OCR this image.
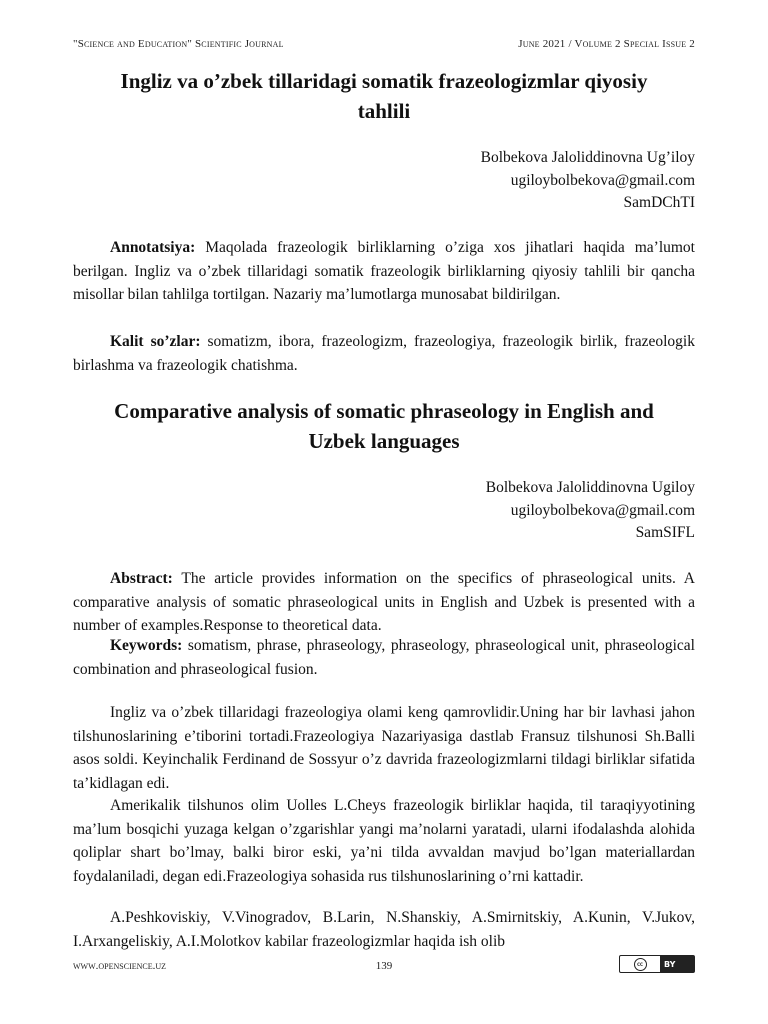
"Science and Education" Scientific Journal	June 2021 / Volume 2 Special Issue 2
Ingliz va o’zbek tillaridagi somatik frazeologizmlar qiyosiy
tahlili
Bolbekova Jaloliddinovna Ug’iloy
ugiloybolbekova@gmail.com
SamDChTI
Annotatsiya: Maqolada frazeologik birliklarning o’ziga xos jihatlari haqida ma’lumot berilgan. Ingliz va o’zbek tillaridagi somatik frazeologik birliklarning qiyosiy tahlili bir qancha misollar bilan tahlilga tortilgan. Nazariy ma’lumotlarga munosabat bildirilgan.
Kalit so’zlar: somatizm, ibora, frazeologizm, frazeologiya, frazeologik birlik, frazeologik birlashma va frazeologik chatishma.
Comparative analysis of somatic phraseology in English and
Uzbek languages
Bolbekova Jaloliddinovna Ugiloy
ugiloybolbekova@gmail.com
SamSIFL
Abstract: The article provides information on the specifics of phraseological units. A comparative analysis of somatic phraseological units in English and Uzbek is presented with a number of examples.Response to theoretical data.
Keywords: somatism, phrase, phraseology, phraseology, phraseological unit, phraseological combination and phraseological fusion.
Ingliz va o’zbek tillaridagi frazeologiya olami keng qamrovlidir.Uning har bir lavhasi jahon tilshunoslarining e’tiborini tortadi.Frazeologiya Nazariyasiga dastlab Fransuz tilshunosi Sh.Balli asos soldi. Keyinchalik Ferdinand de Sossyur o’z davrida frazeologizmlarni tildagi birliklar sifatida ta’kidlagan edi.
Amerikalik tilshunos olim Uolles L.Cheys frazeologik birliklar haqida, til taraqiyyotining ma’lum bosqichi yuzaga kelgan o’zgarishlar yangi ma’nolarni yaratadi, ularni ifodalashda alohida qoliplar shart bo’lmay, balki biror eski, ya’ni tilda avvaldan mavjud bo’lgan materiallardan foydalaniladi, degan edi.Frazeologiya sohasida rus tilshunoslarining o’rni kattadir.
A.Peshkoviskiy, V.Vinogradov, B.Larin, N.Shanskiy, A.Smirnitskiy, A.Kunin, V.Jukov, I.Arxangeliskiy, A.I.Molotkov kabilar frazeologizmlar haqida ish olib
www.openscience.uz	139	cc	BY
